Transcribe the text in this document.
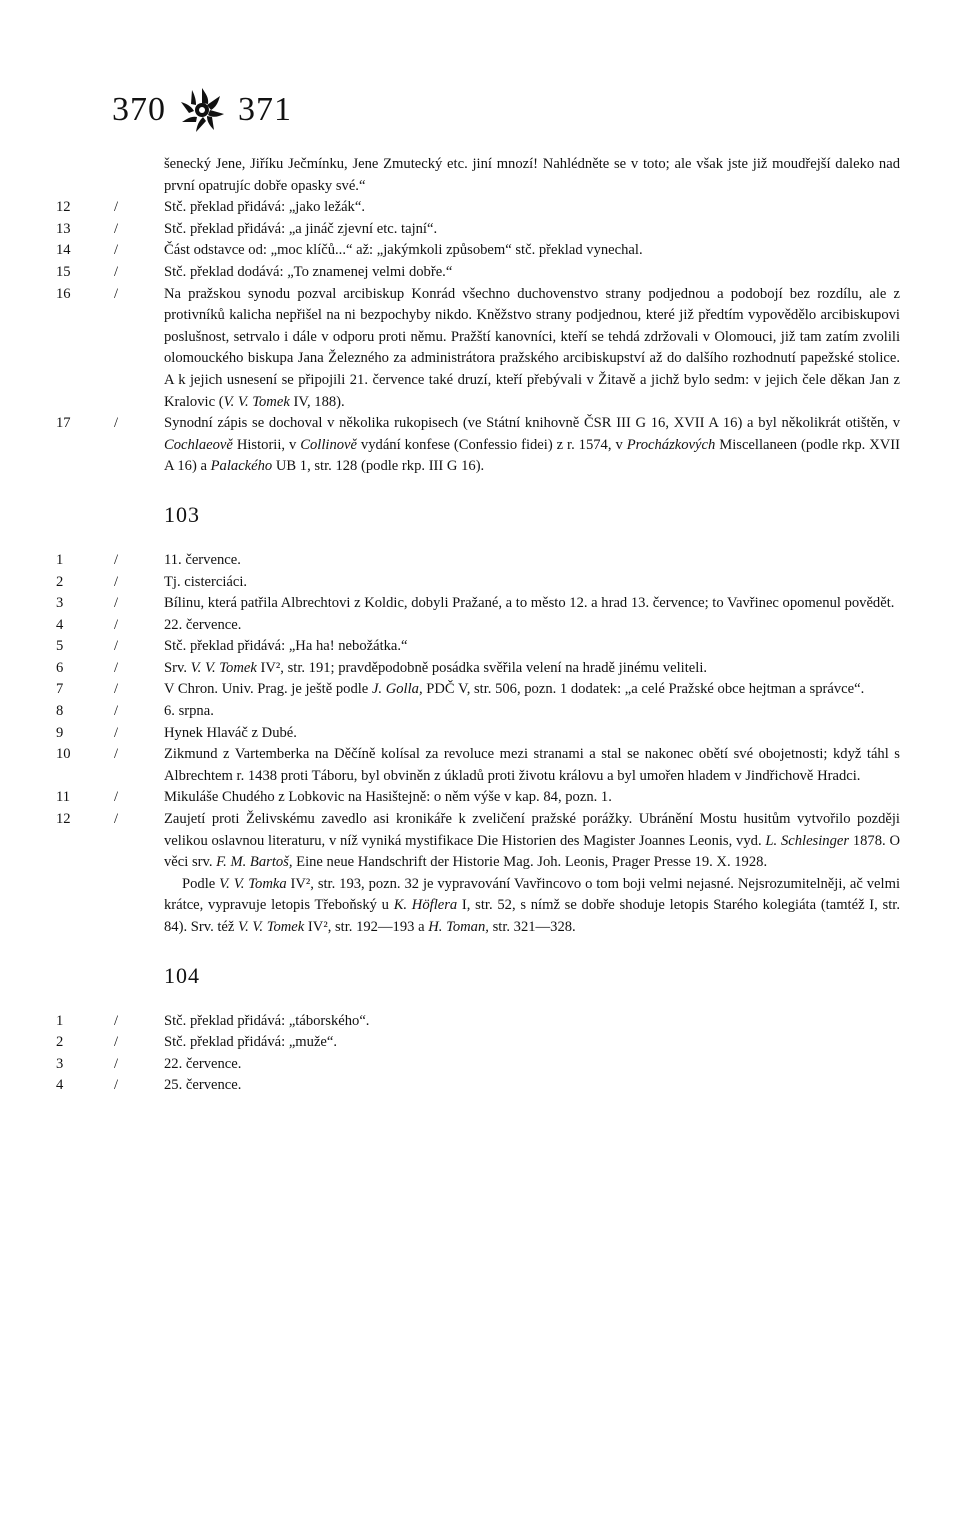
370 371
šenecký Jene, Jiříku Ječmínku, Jene Zmutecký etc. jiní mnozí! Nahlédněte se v toto; ale však jste již moudřejší daleko nad první opatrujíc dobře opasky své.“
12	/	Stč. překlad přidává: „jako ležák“.
13	/	Stč. překlad přidává: „a jináč zjevní etc. tajní“.
14	/	Část odstavce od: „moc klíčů...“ až: „jakýmkoli způsobem“ stč. překlad vynechal.
15	/	Stč. překlad dodává: „To znamenej velmi dobře.“
16	/	Na pražskou synodu pozval arcibiskup Konrád všechno duchovenstvo strany podjednou a podobojí bez rozdílu, ale z protivníků kalicha nepřišel na ni bezpochyby nikdo. Kněžstvo strany podjednou, které již předtím vypovědělo arcibiskupovi poslušnost, setrvalo i dále v odporu proti němu. Pražští kanovníci, kteří se tehdá zdržovali v Olomouci, již tam zatím zvolili olomouckého biskupa Jana Železného za administrátora pražského arcibiskupství až do dalšího rozhodnutí papežské stolice. A k jejich usnesení se připojili 21. července také druzí, kteří přebývali v Žitavě a jichž bylo sedm: v jejich čele děkan Jan z Kralovic (V. V. Tomek IV, 188).
17	/	Synodní zápis se dochoval v několika rukopisech (ve Státní knihovně ČSR III G 16, XVII A 16) a byl několikrát otištěn, v Cochlaeově Historii, v Collinově vydání konfese (Confessio fidei) z r. 1574, v Procházkových Miscellaneen (podle rkp. XVII A 16) a Palackého UB 1, str. 128 (podle rkp. III G 16).
103
1	/	11. července.
2	/	Tj. cisterciáci.
3	/	Bílinu, která patřila Albrechtovi z Koldic, dobyli Pražané, a to město 12. a hrad 13. července; to Vavřinec opomenul povědět.
4	/	22. července.
5	/	Stč. překlad přidává: „Ha ha! nebožátka.“
6	/	Srv. V. V. Tomek IV², str. 191; pravděpodobně posádka svěřila velení na hradě jinému veliteli.
7	/	V Chron. Univ. Prag. je ještě podle J. Golla, PDČ V, str. 506, pozn. 1 dodatek: „a celé Pražské obce hejtman a správce“.
8	/	6. srpna.
9	/	Hynek Hlaváč z Dubé.
10	/	Zikmund z Vartemberka na Děčíně kolísal za revoluce mezi stranami a stal se nakonec obětí své obojetnosti; když táhl s Albrechtem r. 1438 proti Táboru, byl obviněn z úkladů proti životu královu a byl umořen hladem v Jindřichově Hradci.
11	/	Mikuláše Chudého z Lobkovic na Hasištejně: o něm výše v kap. 84, pozn. 1.
12	/	Zaujetí proti Želivskému zavedlo asi kronikáře k zveličení pražské porážky. Ubránění Mostu husitům vytvořilo později velikou oslavnou literaturu, v níž vyniká mystifikace Die Historien des Magister Joannes Leonis, vyd. L. Schlesinger 1878. O věci srv. F. M. Bartoš, Eine neue Handschrift der Historie Mag. Joh. Leonis, Prager Presse 19. X. 1928.
Podle V. V. Tomka IV², str. 193, pozn. 32 je vypravování Vavřincovo o tom boji velmi nejasné. Nejsrozumitelněji, ač velmi krátce, vypravuje letopis Třeboňský u K. Höflera I, str. 52, s nímž se dobře shoduje letopis Starého kolegiáta (tamtéž I, str. 84). Srv. též V. V. Tomek IV², str. 192—193 a H. Toman, str. 321—328.
104
1	/	Stč. překlad přidává: „táborského“.
2	/	Stč. překlad přidává: „muže“.
3	/	22. července.
4	/	25. července.
